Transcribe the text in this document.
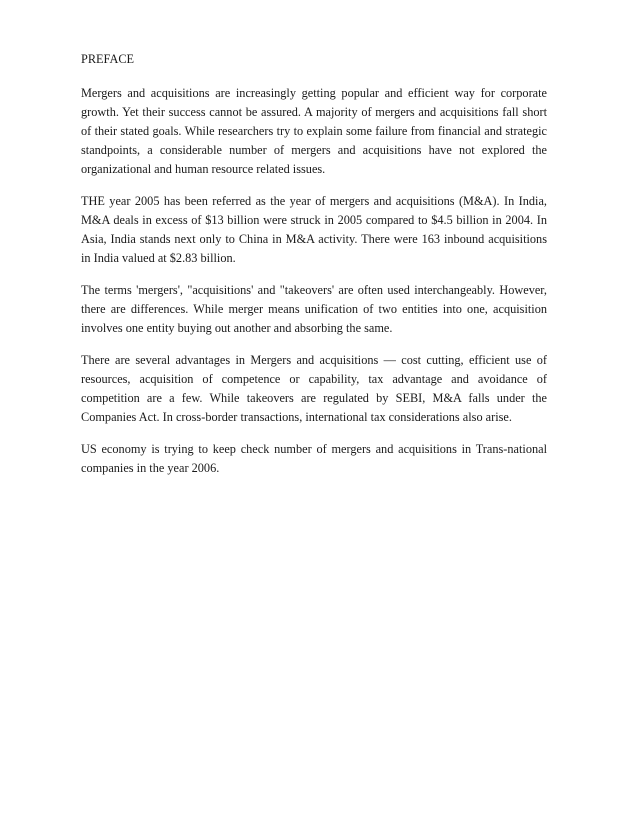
PREFACE

Mergers and acquisitions are increasingly getting popular and efficient way for corporate growth. Yet their success cannot be assured. A majority of mergers and acquisitions fall short of their stated goals. While researchers try to explain some failure from financial and strategic standpoints, a considerable number of mergers and acquisitions have not explored the organizational and human resource related issues.

THE year 2005 has been referred as the year of mergers and acquisitions (M&A). In India, M&A deals in excess of $13 billion were struck in 2005 compared to $4.5 billion in 2004. In Asia, India stands next only to China in M&A activity. There were 163 inbound acquisitions in India valued at $2.83 billion.

The terms 'mergers', "acquisitions' and "takeovers' are often used interchangeably. However, there are differences. While merger means unification of two entities into one, acquisition involves one entity buying out another and absorbing the same.

There are several advantages in Mergers and acquisitions — cost cutting, efficient use of resources, acquisition of competence or capability, tax advantage and avoidance of competition are a few. While takeovers are regulated by SEBI, M&A falls under the Companies Act. In cross-border transactions, international tax considerations also arise.

US economy is trying to keep check number of mergers and acquisitions in Trans-national companies in the year 2006.
